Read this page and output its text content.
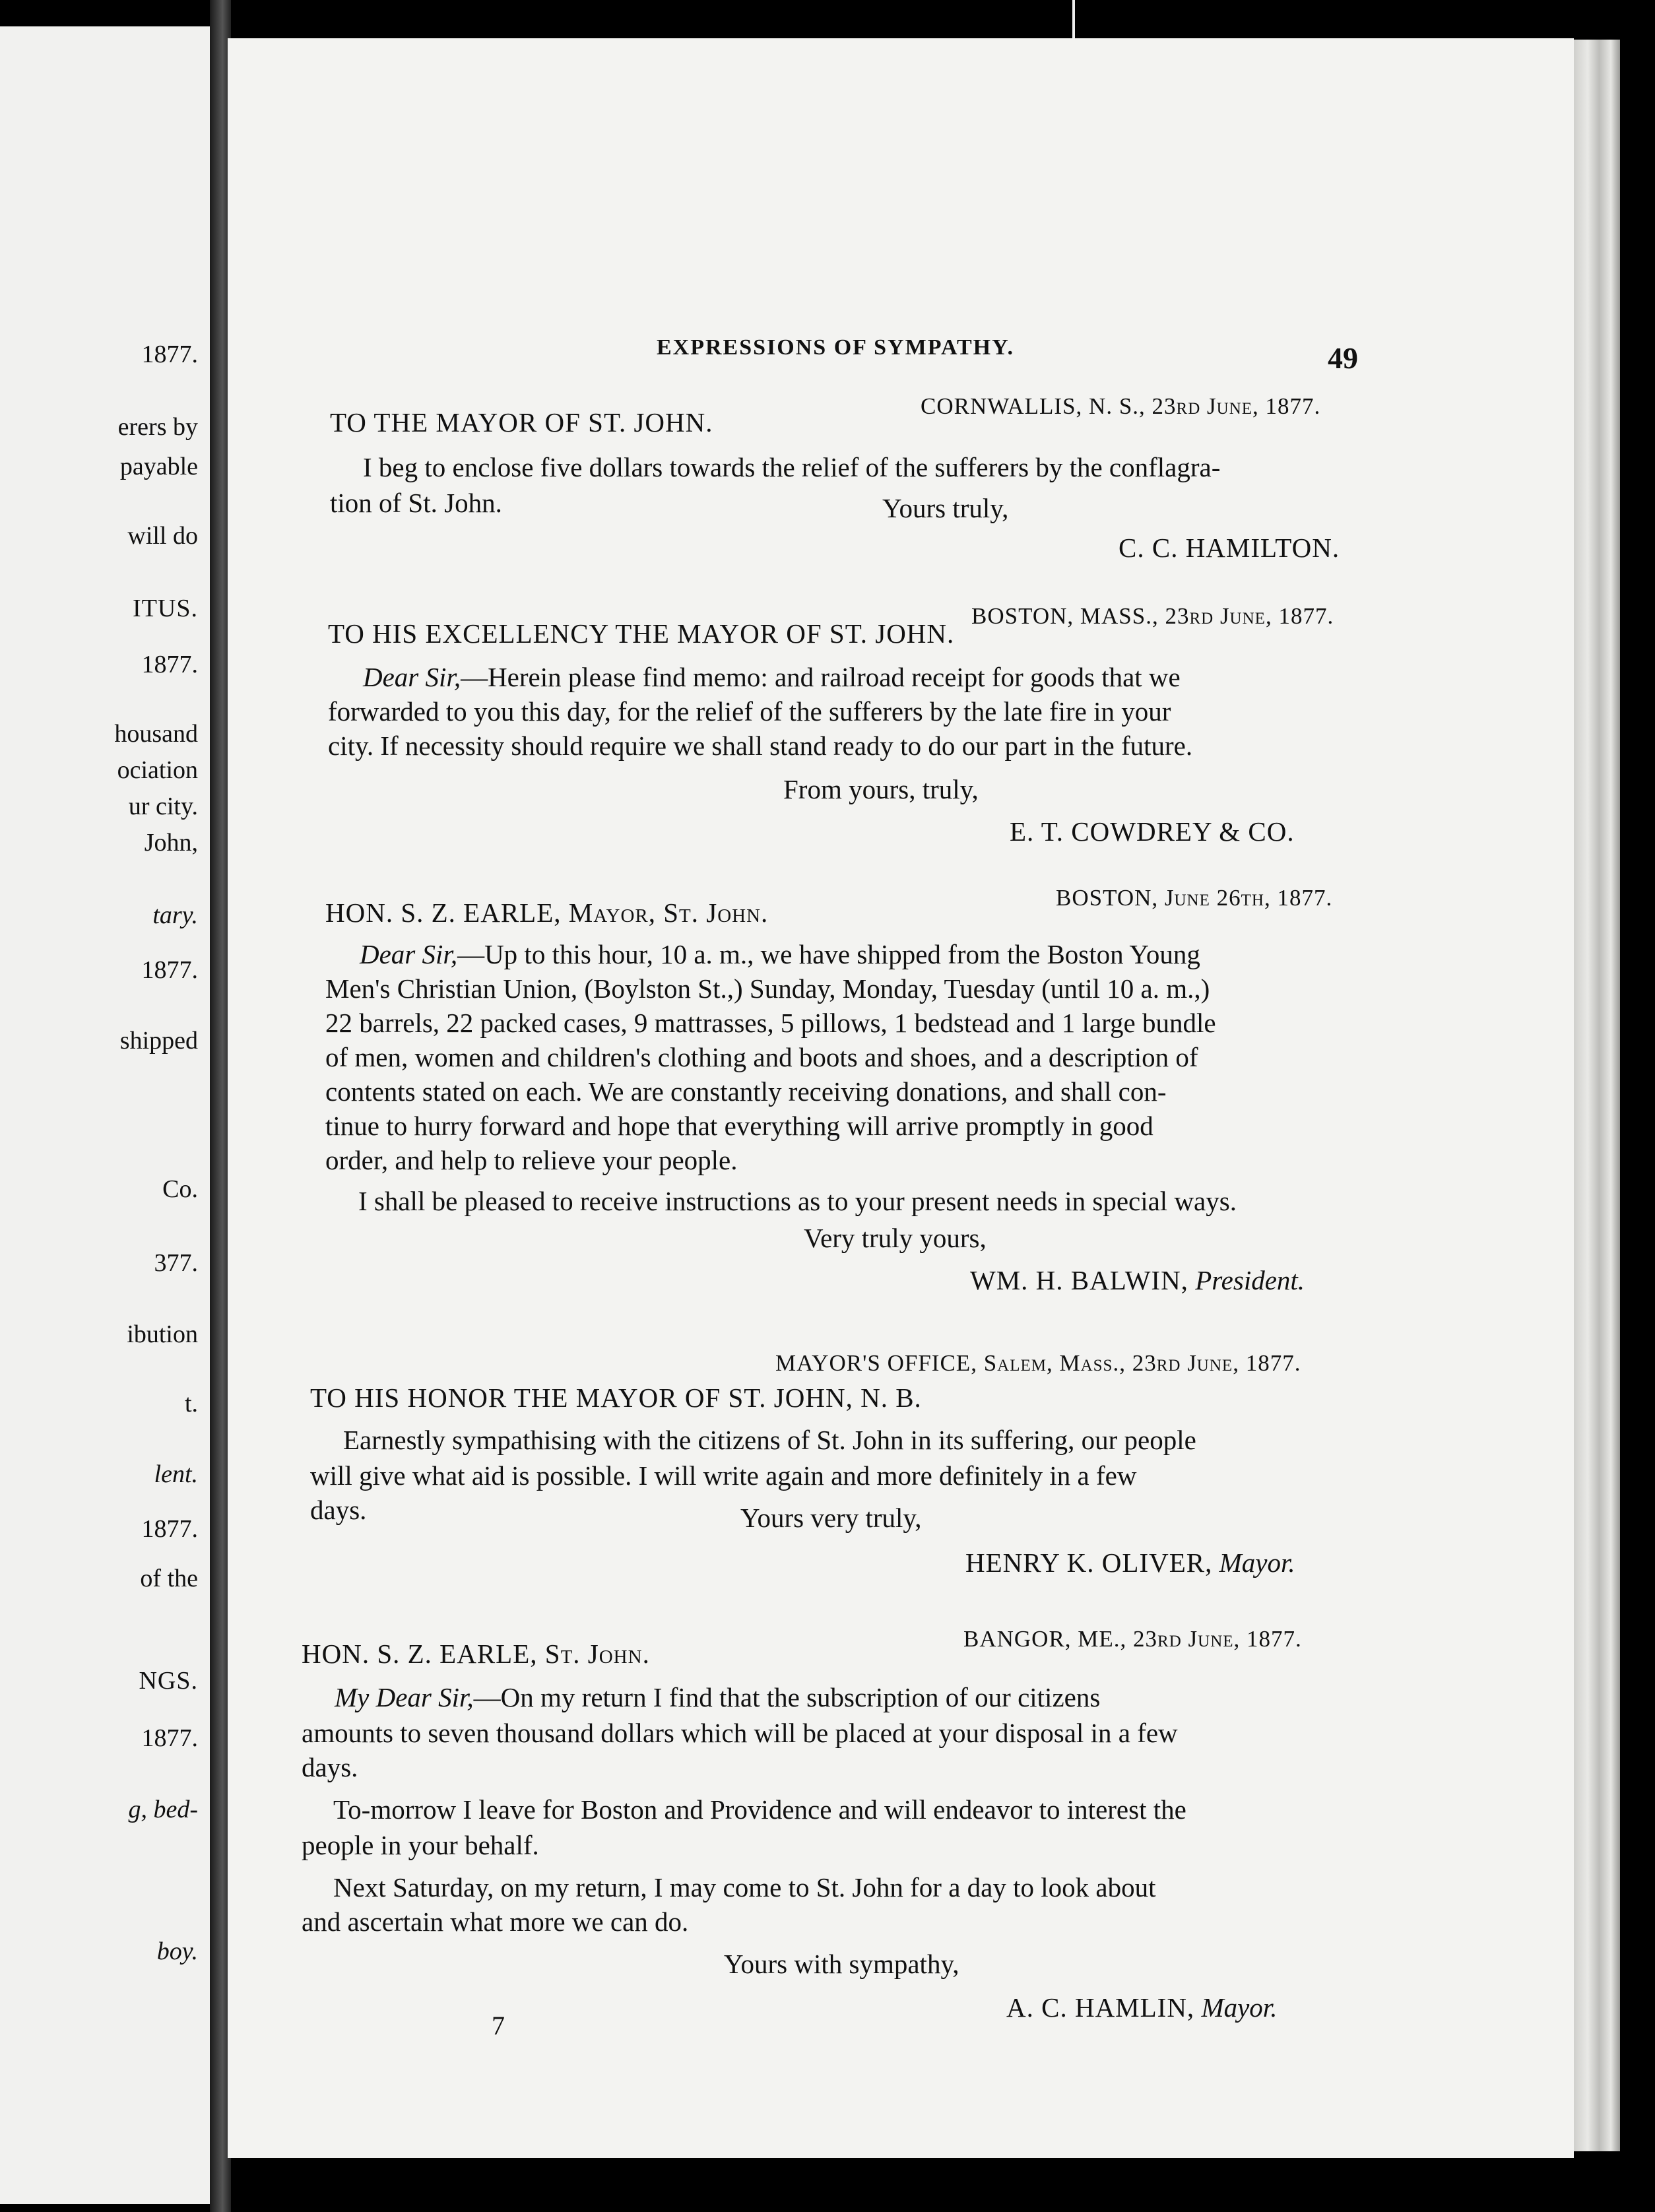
1877.
erers by
payable
will do
ITUS.
1877.
housand
ociation
ur city.
John,
tary.
1877.
shipped
Co.
377.
ibution
t.
lent.
1877.
of the
NGS.
1877.
g, bed-
boy.
EXPRESSIONS OF SYMPATHY.	49
CORNWALLIS, N. S., 23rd June, 1877.
TO THE MAYOR OF ST. JOHN.
I beg to enclose five dollars towards the relief of the sufferers by the conflagra-
tion of St. John.	Yours truly,
C. C. HAMILTON.
BOSTON, MASS., 23rd June, 1877.
TO HIS EXCELLENCY THE MAYOR OF ST. JOHN.
Dear Sir,—Herein please find memo: and railroad receipt for goods that we
forwarded to you this day, for the relief of the sufferers by the late fire in your
city. If necessity should require we shall stand ready to do our part in the future.
From yours, truly,
E. T. COWDREY & CO.
BOSTON, June 26th, 1877.
HON. S. Z. EARLE, Mayor, St. John.
Dear Sir,—Up to this hour, 10 a. m., we have shipped from the Boston Young
Men's Christian Union, (Boylston St.,) Sunday, Monday, Tuesday (until 10 a. m.,)
22 barrels, 22 packed cases, 9 mattrasses, 5 pillows, 1 bedstead and 1 large bundle
of men, women and children's clothing and boots and shoes, and a description of
contents stated on each. We are constantly receiving donations, and shall con-
tinue to hurry forward and hope that everything will arrive promptly in good
order, and help to relieve your people.
I shall be pleased to receive instructions as to your present needs in special ways.
Very truly yours,
WM. H. BALWIN, President.
MAYOR'S OFFICE, Salem, Mass., 23rd June, 1877.
TO HIS HONOR THE MAYOR OF ST. JOHN, N. B.
Earnestly sympathising with the citizens of St. John in its suffering, our people
will give what aid is possible. I will write again and more definitely in a few
days.	Yours very truly,
HENRY K. OLIVER, Mayor.
BANGOR, ME., 23rd June, 1877.
HON. S. Z. EARLE, St. John.
My Dear Sir,—On my return I find that the subscription of our citizens
amounts to seven thousand dollars which will be placed at your disposal in a few
days.
To-morrow I leave for Boston and Providence and will endeavor to interest the
people in your behalf.
Next Saturday, on my return, I may come to St. John for a day to look about
and ascertain what more we can do.
Yours with sympathy,
A. C. HAMLIN, Mayor.
7
